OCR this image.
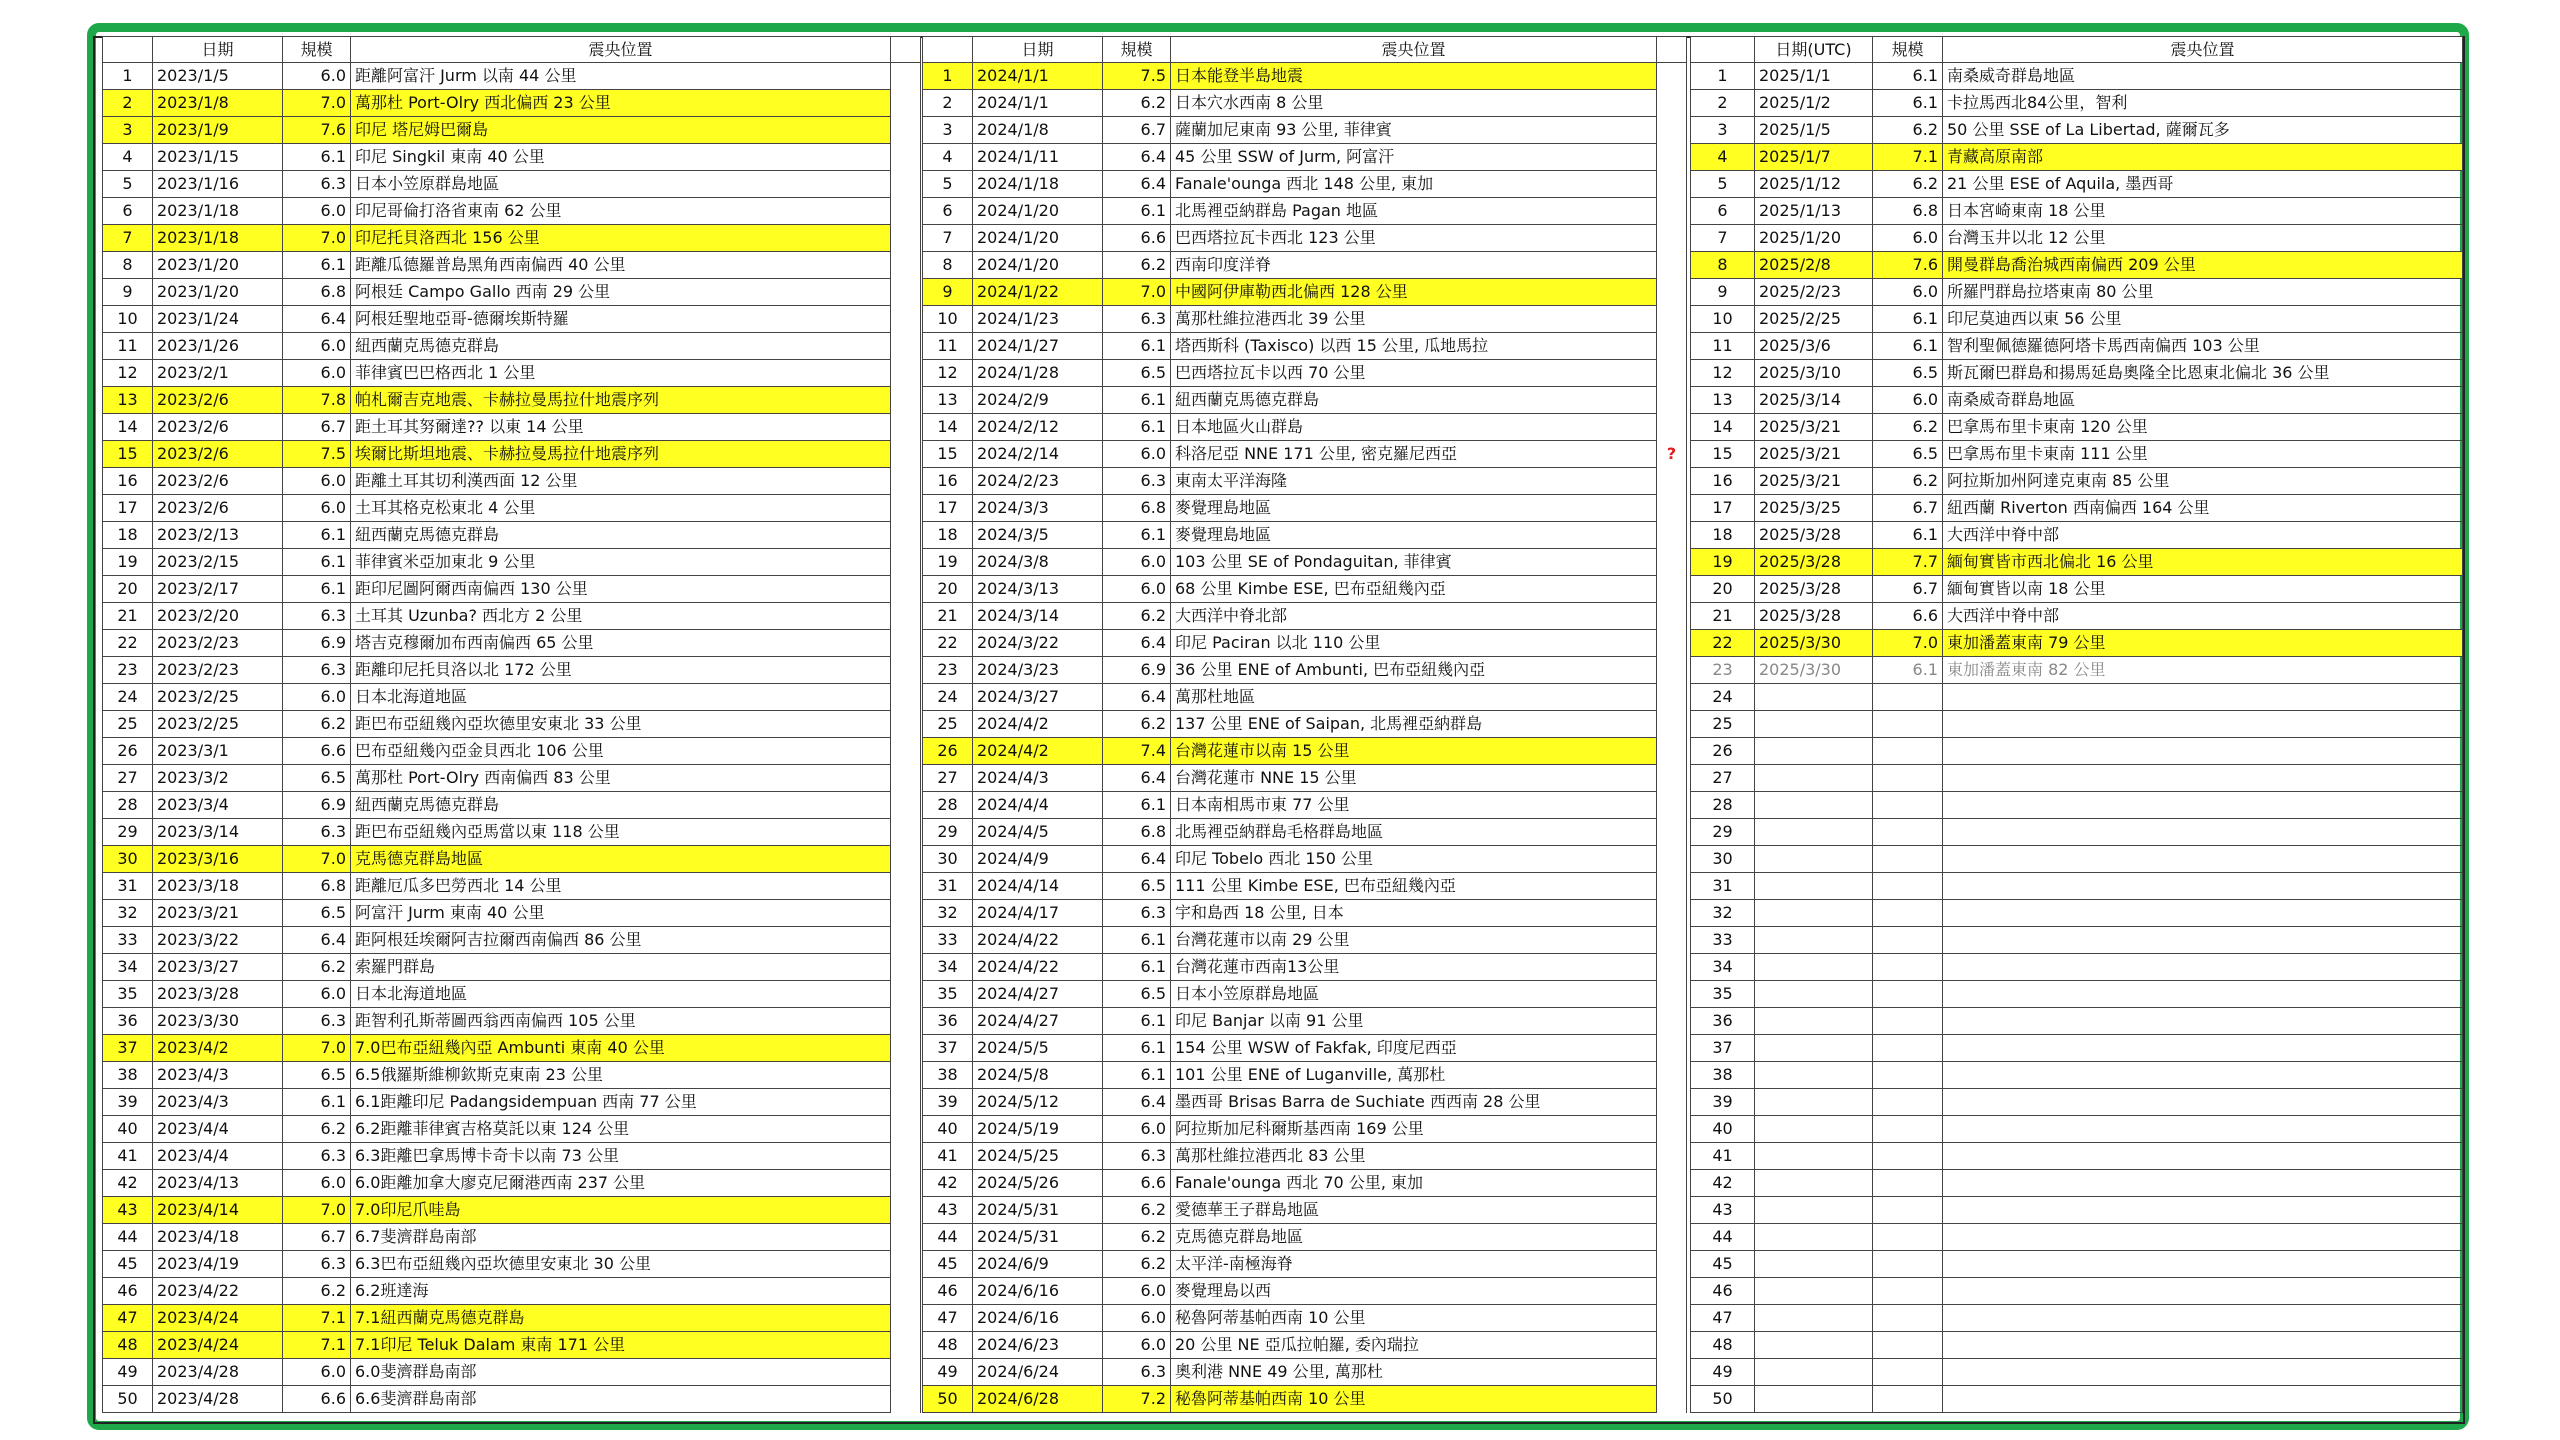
	日期	規模	震央位置	
1	2023/1/5	6.0	距離阿富汗 Jurm 以南 44 公里	
2	2023/1/8	7.0	萬那杜 Port-Olry 西北偏西 23 公里	
3	2023/1/9	7.6	印尼 塔尼姆巴爾島	
4	2023/1/15	6.1	印尼 Singkil 東南 40 公里	
5	2023/1/16	6.3	日本小笠原群島地區	
6	2023/1/18	6.0	印尼哥倫打洛省東南 62 公里	
7	2023/1/18	7.0	印尼托貝洛西北 156 公里	
8	2023/1/20	6.1	距離瓜德羅普島黑角西南偏西 40 公里	
9	2023/1/20	6.8	阿根廷 Campo Gallo 西南 29 公里	
10	2023/1/24	6.4	阿根廷聖地亞哥-德爾埃斯特羅	
11	2023/1/26	6.0	紐西蘭克馬德克群島	
12	2023/2/1	6.0	菲律賓巴巴格西北 1 公里	
13	2023/2/6	7.8	帕札爾吉克地震、卡赫拉曼馬拉什地震序列	
14	2023/2/6	6.7	距土耳其努爾達?? 以東 14 公里	
15	2023/2/6	7.5	埃爾比斯坦地震、卡赫拉曼馬拉什地震序列	
16	2023/2/6	6.0	距離土耳其切利漢西面 12 公里	
17	2023/2/6	6.0	土耳其格克松東北 4 公里	
18	2023/2/13	6.1	紐西蘭克馬德克群島	
19	2023/2/15	6.1	菲律賓米亞加東北 9 公里	
20	2023/2/17	6.1	距印尼圖阿爾西南偏西 130 公里	
21	2023/2/20	6.3	土耳其 Uzunba? 西北方 2 公里	
22	2023/2/23	6.9	塔吉克穆爾加布西南偏西 65 公里	
23	2023/2/23	6.3	距離印尼托貝洛以北 172 公里	
24	2023/2/25	6.0	日本北海道地區	
25	2023/2/25	6.2	距巴布亞紐幾內亞坎德里安東北 33 公里	
26	2023/3/1	6.6	巴布亞紐幾內亞金貝西北 106 公里	
27	2023/3/2	6.5	萬那杜 Port-Olry 西南偏西 83 公里	
28	2023/3/4	6.9	紐西蘭克馬德克群島	
29	2023/3/14	6.3	距巴布亞紐幾內亞馬當以東 118 公里	
30	2023/3/16	7.0	克馬德克群島地區	
31	2023/3/18	6.8	距離厄瓜多巴勞西北 14 公里	
32	2023/3/21	6.5	阿富汗 Jurm 東南 40 公里	
33	2023/3/22	6.4	距阿根廷埃爾阿吉拉爾西南偏西 86 公里	
34	2023/3/27	6.2	索羅門群島	
35	2023/3/28	6.0	日本北海道地區	
36	2023/3/30	6.3	距智利孔斯蒂圖西翁西南偏西 105 公里	
37	2023/4/2	7.0	7.0巴布亞紐幾內亞 Ambunti 東南 40 公里	
38	2023/4/3	6.5	6.5俄羅斯維柳欽斯克東南 23 公里	
39	2023/4/3	6.1	6.1距離印尼 Padangsidempuan 西南 77 公里	
40	2023/4/4	6.2	6.2距離菲律賓吉格莫託以東 124 公里	
41	2023/4/4	6.3	6.3距離巴拿馬博卡奇卡以南 73 公里	
42	2023/4/13	6.0	6.0距離加拿大廖克尼爾港西南 237 公里	
43	2023/4/14	7.0	7.0印尼爪哇島	
44	2023/4/18	6.7	6.7斐濟群島南部	
45	2023/4/19	6.3	6.3巴布亞紐幾內亞坎德里安東北 30 公里	
46	2023/4/22	6.2	6.2班達海	
47	2023/4/24	7.1	7.1紐西蘭克馬德克群島	
48	2023/4/24	7.1	7.1印尼 Teluk Dalam 東南 171 公里	
49	2023/4/28	6.0	6.0斐濟群島南部	
50	2023/4/28	6.6	6.6斐濟群島南部	
	日期	規模	震央位置	
1	2024/1/1	7.5	日本能登半島地震	
2	2024/1/1	6.2	日本穴水西南 8 公里	
3	2024/1/8	6.7	薩蘭加尼東南 93 公里, 菲律賓	
4	2024/1/11	6.4	45 公里 SSW of Jurm, 阿富汗	
5	2024/1/18	6.4	Fanale'ounga 西北 148 公里, 東加	
6	2024/1/20	6.1	北馬裡亞納群島 Pagan 地區	
7	2024/1/20	6.6	巴西塔拉瓦卡西北 123 公里	
8	2024/1/20	6.2	西南印度洋脊	
9	2024/1/22	7.0	中國阿伊庫勒西北偏西 128 公里	
10	2024/1/23	6.3	萬那杜維拉港西北 39 公里	
11	2024/1/27	6.1	塔西斯科 (Taxisco) 以西 15 公里, 瓜地馬拉	
12	2024/1/28	6.5	巴西塔拉瓦卡以西 70 公里	
13	2024/2/9	6.1	紐西蘭克馬德克群島	
14	2024/2/12	6.1	日本地區火山群島	
15	2024/2/14	6.0	科洛尼亞 NNE 171 公里, 密克羅尼西亞	?

16	2024/2/23	6.3	東南太平洋海隆	
17	2024/3/3	6.8	麥覺理島地區	
18	2024/3/5	6.1	麥覺理島地區	
19	2024/3/8	6.0	103 公里 SE of Pondaguitan, 菲律賓	
20	2024/3/13	6.0	68 公里 Kimbe ESE, 巴布亞紐幾內亞	
21	2024/3/14	6.2	大西洋中脊北部	
22	2024/3/22	6.4	印尼 Paciran 以北 110 公里	
23	2024/3/23	6.9	36 公里 ENE of Ambunti, 巴布亞紐幾內亞	
24	2024/3/27	6.4	萬那杜地區	
25	2024/4/2	6.2	137 公里 ENE of Saipan, 北馬裡亞納群島	
26	2024/4/2	7.4	台灣花蓮市以南 15 公里	
27	2024/4/3	6.4	台灣花蓮市 NNE 15 公里	
28	2024/4/4	6.1	日本南相馬市東 77 公里	
29	2024/4/5	6.8	北馬裡亞納群島毛格群島地區	
30	2024/4/9	6.4	印尼 Tobelo 西北 150 公里	
31	2024/4/14	6.5	111 公里 Kimbe ESE, 巴布亞紐幾內亞	
32	2024/4/17	6.3	宇和島西 18 公里, 日本	
33	2024/4/22	6.1	台灣花蓮市以南 29 公里	
34	2024/4/22	6.1	台灣花蓮市西南13公里	
35	2024/4/27	6.5	日本小笠原群島地區	
36	2024/4/27	6.1	印尼 Banjar 以南 91 公里	
37	2024/5/5	6.1	154 公里 WSW of Fakfak, 印度尼西亞	
38	2024/5/8	6.1	101 公里 ENE of Luganville, 萬那杜	
39	2024/5/12	6.4	墨西哥 Brisas Barra de Suchiate 西西南 28 公里	
40	2024/5/19	6.0	阿拉斯加尼科爾斯基西南 169 公里	
41	2024/5/25	6.3	萬那杜維拉港西北 83 公里	
42	2024/5/26	6.6	Fanale'ounga 西北 70 公里, 東加	
43	2024/5/31	6.2	愛德華王子群島地區	
44	2024/5/31	6.2	克馬德克群島地區	
45	2024/6/9	6.2	太平洋-南極海脊	
46	2024/6/16	6.0	麥覺理島以西	
47	2024/6/16	6.0	秘魯阿蒂基帕西南 10 公里	
48	2024/6/23	6.0	20 公里 NE 亞瓜拉帕羅, 委內瑞拉	
49	2024/6/24	6.3	奧利港 NNE 49 公里, 萬那杜	
50	2024/6/28	7.2	秘魯阿蒂基帕西南 10 公里	
	日期(UTC)	規模	震央位置
1	2025/1/1	6.1	南桑威奇群島地區
2	2025/1/2	6.1	卡拉馬西北84公里，智利
3	2025/1/5	6.2	50 公里 SSE of La Libertad, 薩爾瓦多
4	2025/1/7	7.1	青藏高原南部
5	2025/1/12	6.2	21 公里 ESE of Aquila, 墨西哥
6	2025/1/13	6.8	日本宮崎東南 18 公里
7	2025/1/20	6.0	台灣玉井以北 12 公里
8	2025/2/8	7.6	開曼群島喬治城西南偏西 209 公里
9	2025/2/23	6.0	所羅門群島拉塔東南 80 公里
10	2025/2/25	6.1	印尼莫迪西以東 56 公里
11	2025/3/6	6.1	智利聖佩德羅德阿塔卡馬西南偏西 103 公里
12	2025/3/10	6.5	斯瓦爾巴群島和揚馬延島奧隆全比恩東北偏北 36 公里
13	2025/3/14	6.0	南桑威奇群島地區
14	2025/3/21	6.2	巴拿馬布里卡東南 120 公里
15	2025/3/21	6.5	巴拿馬布里卡東南 111 公里
16	2025/3/21	6.2	阿拉斯加州阿達克東南 85 公里
17	2025/3/25	6.7	紐西蘭 Riverton 西南偏西 164 公里
18	2025/3/28	6.1	大西洋中脊中部
19	2025/3/28	7.7	緬甸實皆市西北偏北 16 公里
20	2025/3/28	6.7	緬甸實皆以南 18 公里
21	2025/3/28	6.6	大西洋中脊中部
22	2025/3/30	7.0	東加潘蓋東南 79 公里
23	2025/3/30	6.1	東加潘蓋東南 82 公里
24			
25			
26			
27			
28			
29			
30			
31			
32			
33			
34			
35			
36			
37			
38			
39			
40			
41			
42			
43			
44			
45			
46			
47			
48			
49			
50			
